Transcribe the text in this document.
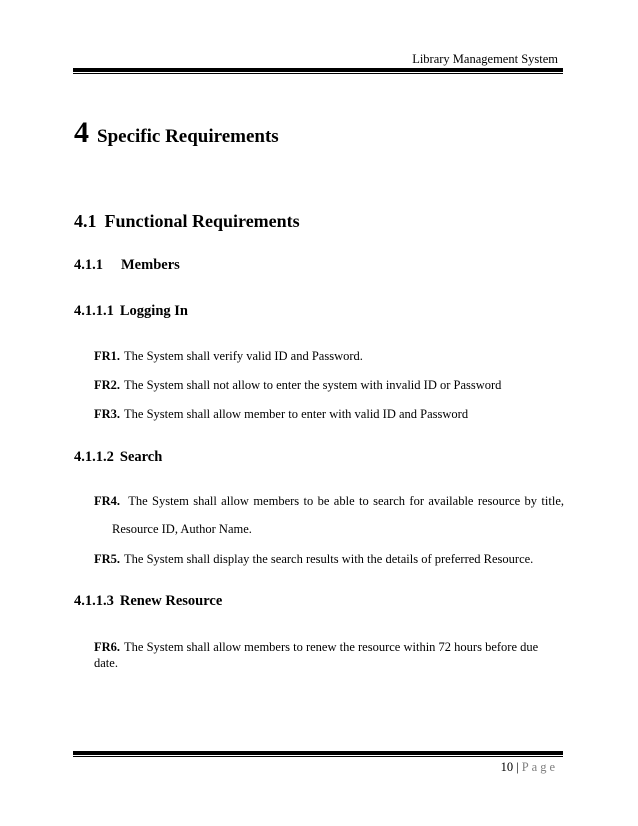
Library Management System
4 Specific Requirements
4.1 Functional Requirements
4.1.1 Members
4.1.1.1 Logging In
FR1. The System shall verify valid ID and Password.
FR2. The System shall not allow to enter the system with invalid ID or Password
FR3. The System shall allow member to enter with valid ID and Password
4.1.1.2 Search
FR4. The System shall allow members to be able to search for available resource by title,
Resource ID, Author Name.
FR5. The System shall display the search results with the details of preferred Resource.
4.1.1.3 Renew Resource
FR6. The System shall allow members to renew the resource within 72 hours before due date.
10 | Page
